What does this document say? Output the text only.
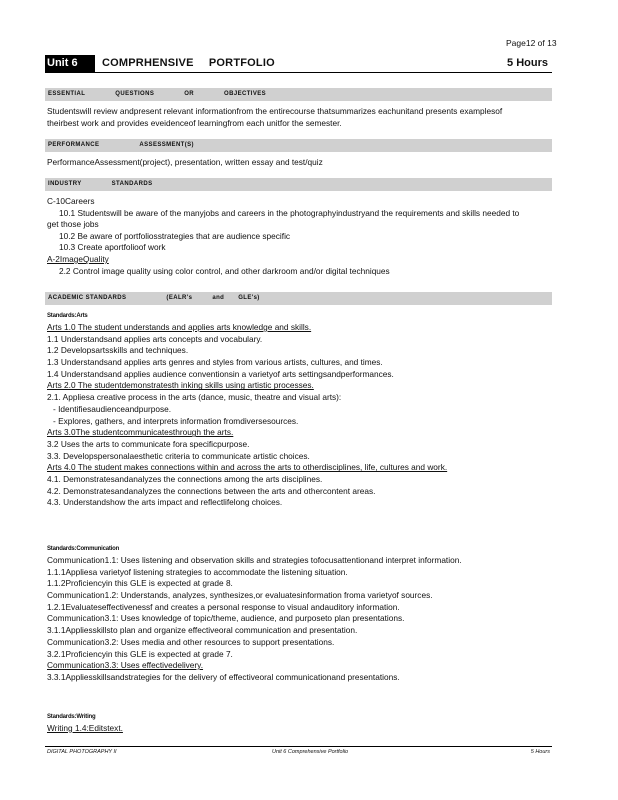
Page12 of 13
Unit 6	COMPRHENSIVE PORTFOLIO	5 Hours
ESSENTIAL	QUESTIONS	OR	OBJECTIVES
Studentswill review andpresent relevant informationfrom the entirecourse thatsummarizes eachunitand presents examplesof theirbest work and provides eveidenceof learningfrom each unitfor the semester.
PERFORMANCE	ASSESSMENT(S)
PerformanceAssessment(project), presentation, written essay and test/quiz
INDUSTRY	STANDARDS
C-10Careers
10.1 Studentswill be aware of the manyjobs and careers in the photographyindustryand the requirements and skills needed to get those jobs
10.2 Be aware of portfoliosstrategies that are audience specific
10.3 Create aportfolioof work
A-2ImageQuality
2.2 Control image quality using color control, and other darkroom and/or digital techniques
ACADEMIC STANDARDS	(EALR's	and GLE's)
Standards:Arts
Arts 1.0 The student understands and applies arts knowledge and skills.
1.1 Understandsand applies arts concepts and vocabulary.
1.2 Developsartsskills and techniques.
1.3 Understandsand applies arts genres and styles from various artists, cultures, and times.
1.4 Understandsand applies audience conventionsin a varietyof arts settingsandperformances.
Arts 2.0 The studentdemonstratesth inking skills using artistic processes.
2.1. Appliesa creative process in the arts (dance, music, theatre and visual arts):
- Identifiesaudienceandpurpose.
- Explores, gathers, and interprets information fromdiversesources.
Arts 3.0The studentcommunicatesthrough the arts.
3.2 Uses the arts to communicate fora specificpurpose.
3.3. Developspersonalaesthetic criteria to communicate artistic choices.
Arts 4.0 The student makes connections within and across the arts to otherdisciplines, life, cultures and work.
4.1. Demonstratesandanalyzes the connections among the arts disciplines.
4.2. Demonstratesandanalyzes the connections between the arts and othercontent areas.
4.3. Understandshow the arts impact and reflectlifelong choices.
Standards:Communication
Communication1.1: Uses listening and observation skills and strategies tofocusattentionand interpret information.
1.1.1Appliesa varietyof listening strategies to accommodate the listening situation.
1.1.2Proficiencyin this GLE is expected at grade 8.
Communication1.2: Understands, analyzes, synthesizes,or evaluatesinformation froma varietyof sources.
1.2.1Evaluateseffectivenessf and creates a personal response to visual andauditory information.
Communication3.1: Uses knowledge of topic/theme, audience, and purposeto plan presentations.
3.1.1Appliesskillsto plan and organize effectiveoral communication and presentation.
Communication3.2: Uses media and other resources to support presentations.
3.2.1Proficiencyin this GLE is expected at grade 7.
Communication3.3: Uses effectivedelivery.
3.3.1Appliesskillsandstrategies for the delivery of effectiveoral communicationand presentations.
Standards:Writing
Writing 1.4:Editstext.
DIGITAL PHOTOGRAPHY II	Unit 6 Comprehensive Portfolio	5 Hours
